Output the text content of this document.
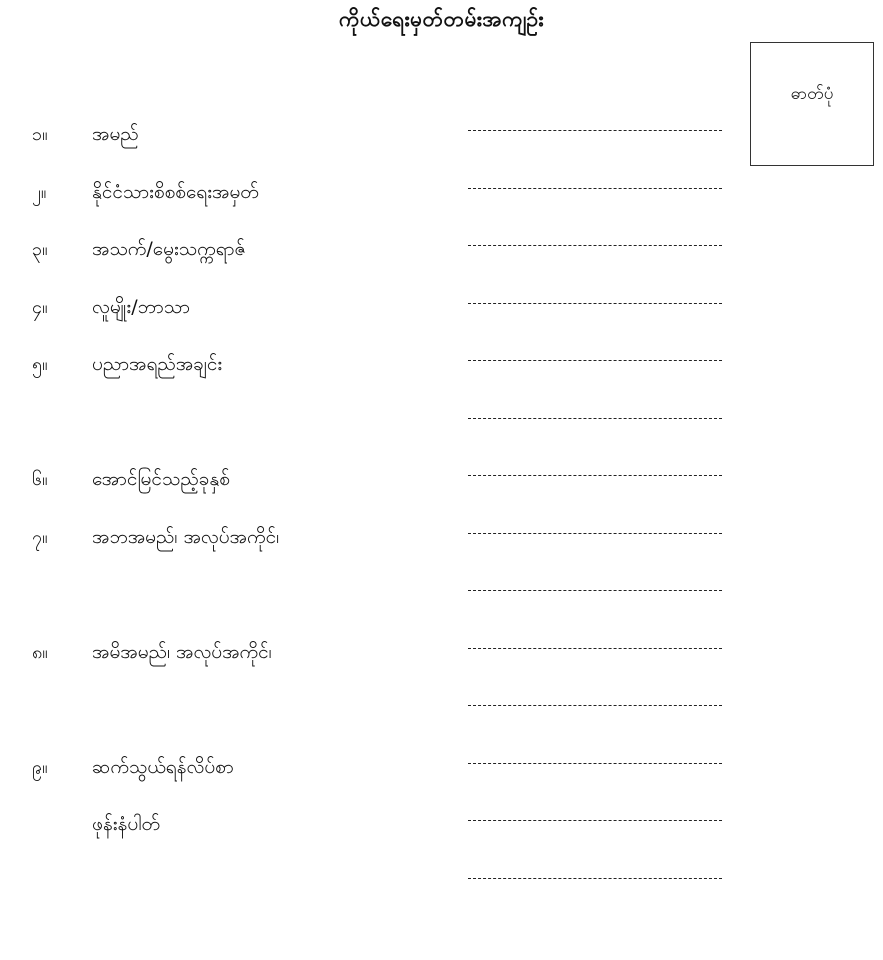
ကိုယ်ရေးမှတ်တမ်းအကျဉ်း
ဓာတ်ပုံ
၁။ အမည်
၂။ နိုင်ငံသားစိစစ်ရေးအမှတ်
၃။ အသက်/မွေးသက္ကရာဇ်
၄။ လူမျိုး/ဘာသာ
၅။ ပညာအရည်အချင်း
၆။ အောင်မြင်သည့်ခုနှစ်
၇။ အဘအမည်၊ အလုပ်အကိုင်၊
၈။ အမိအမည်၊ အလုပ်အကိုင်၊
၉။ ဆက်သွယ်ရန်လိပ်စာ
ဖုန်းနံပါတ်
